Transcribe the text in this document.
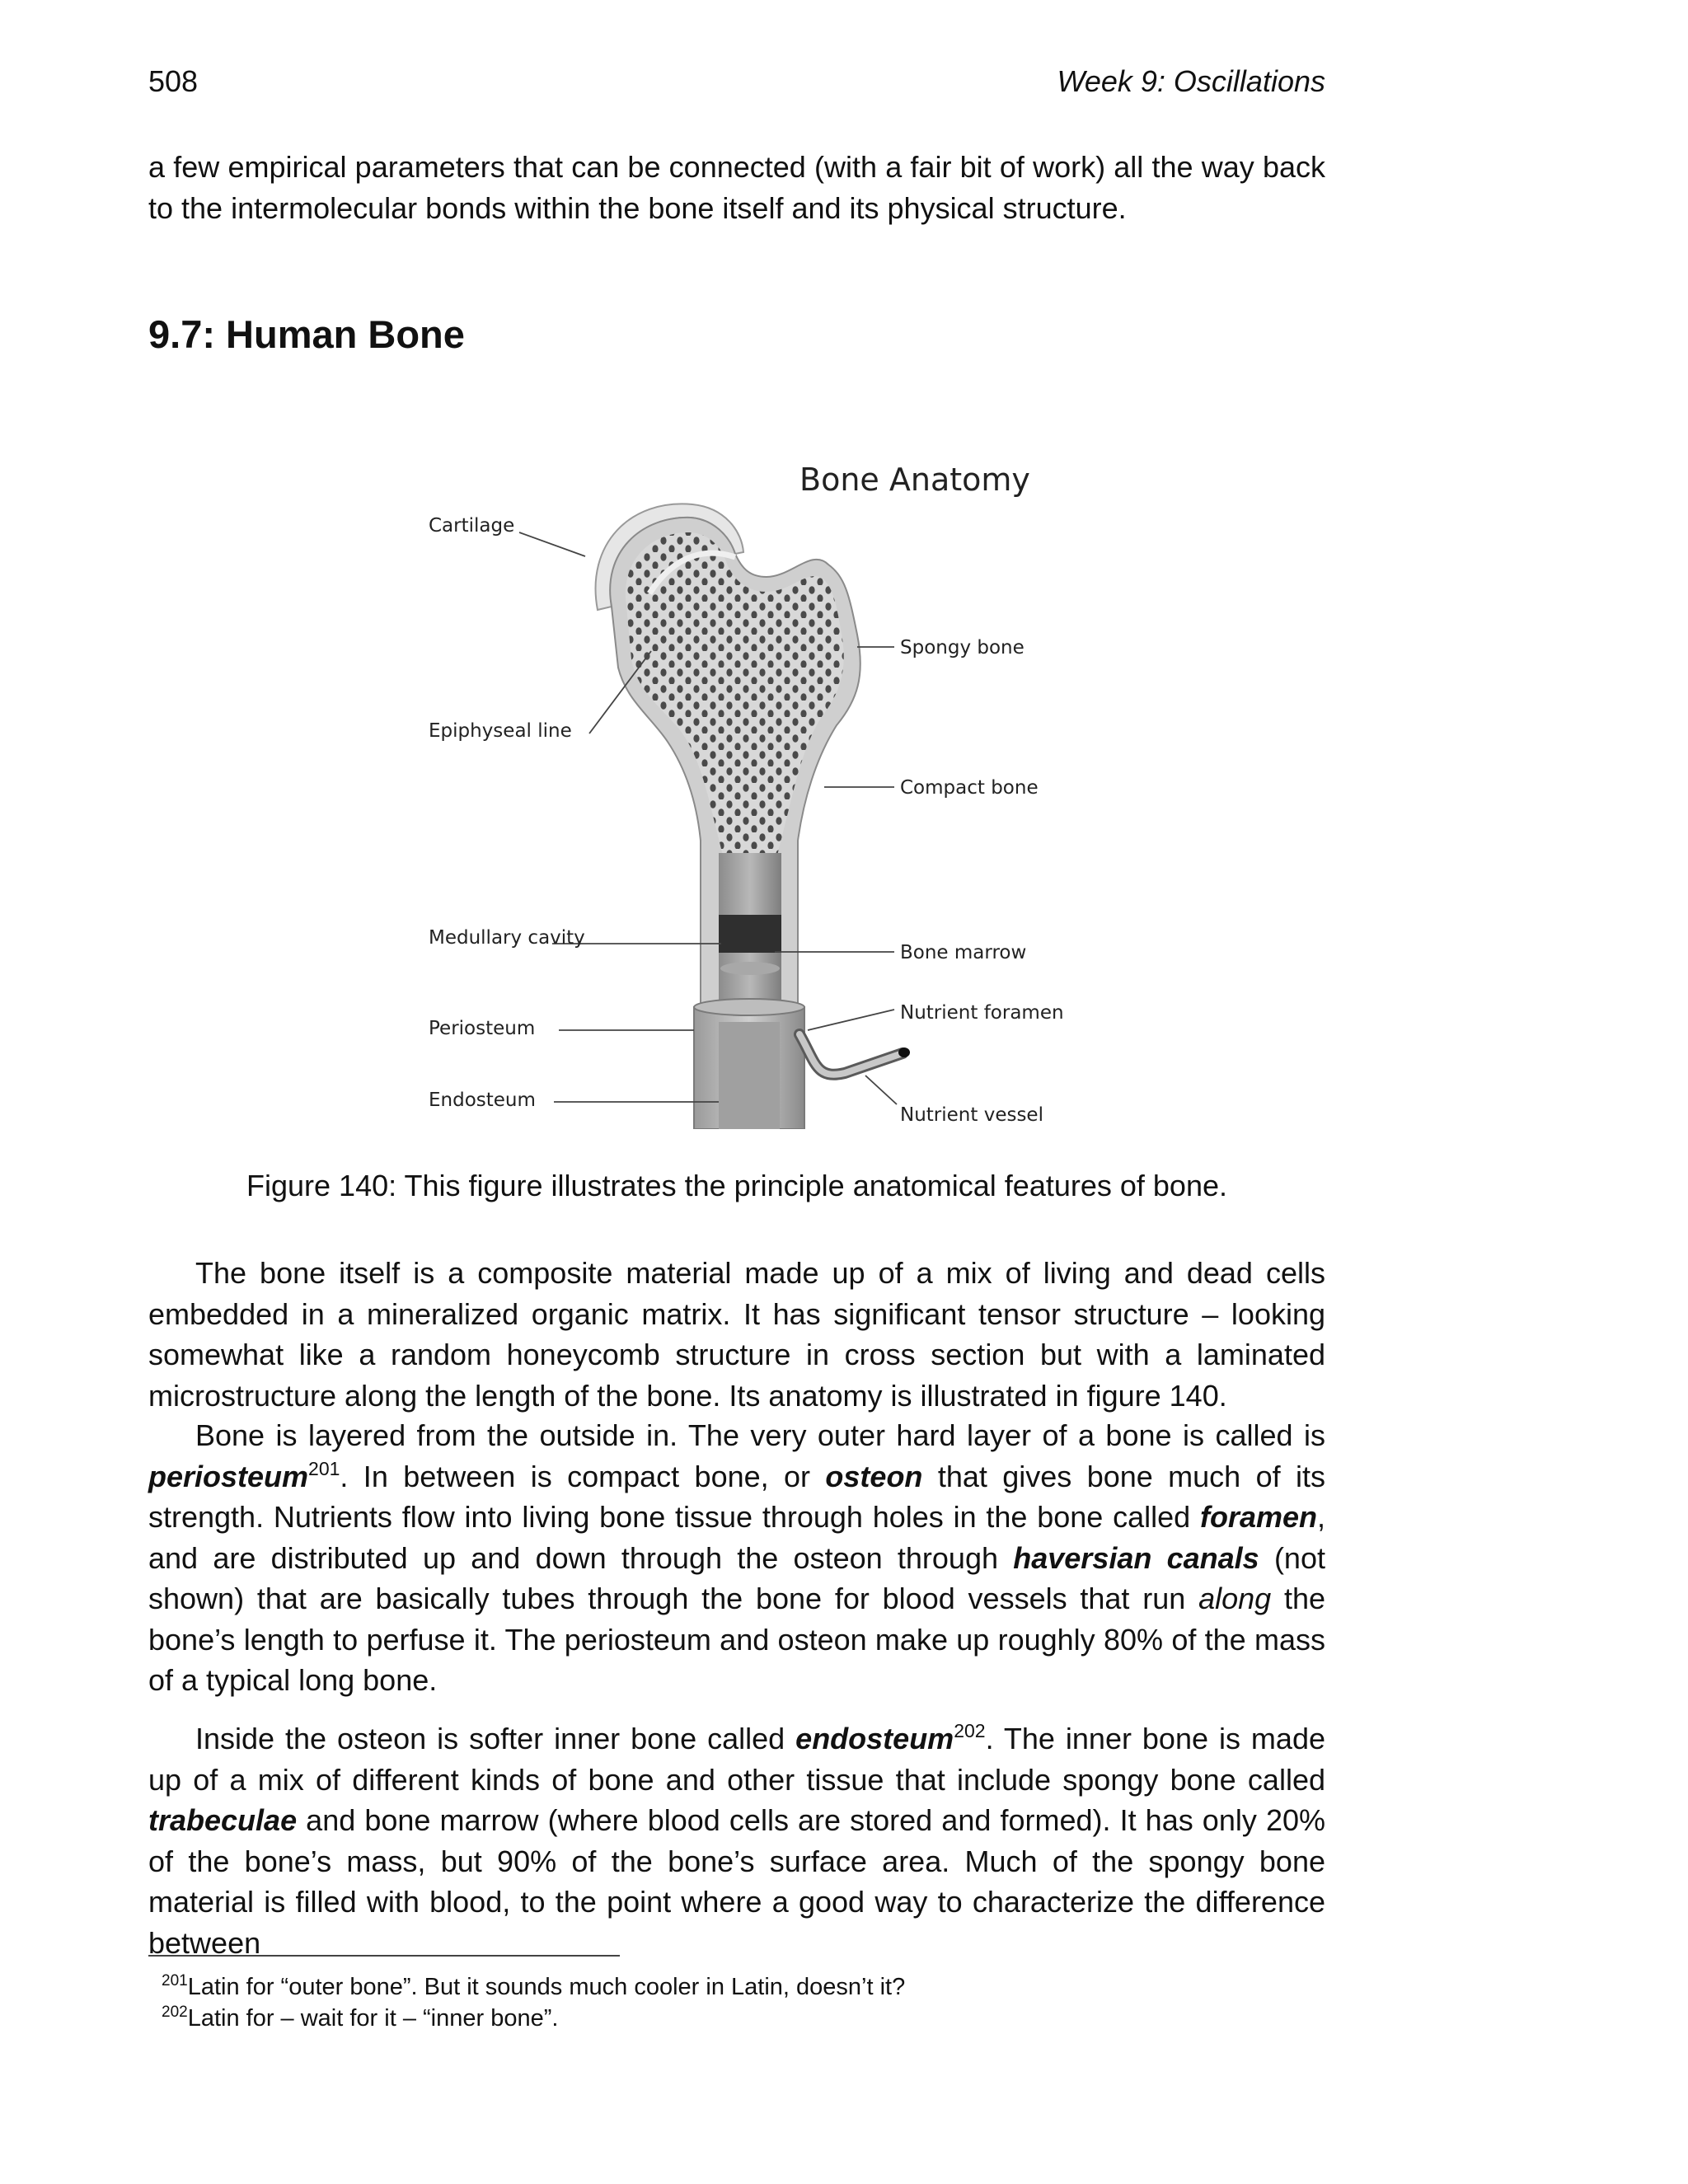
508	Week 9: Oscillations
a few empirical parameters that can be connected (with a fair bit of work) all the way back to the intermolecular bonds within the bone itself and its physical structure.
9.7: Human Bone
Bone Anatomy
Cartilage
Epiphyseal line
Medullary cavity
Periosteum
Endosteum
Spongy bone
Compact bone
Bone marrow
Nutrient foramen
Nutrient vessel
Figure 140: This figure illustrates the principle anatomical features of bone.
The bone itself is a composite material made up of a mix of living and dead cells embedded in a mineralized organic matrix. It has significant tensor structure – looking somewhat like a random honeycomb structure in cross section but with a laminated microstructure along the length of the bone. Its anatomy is illustrated in figure 140.
Bone is layered from the outside in. The very outer hard layer of a bone is called is periosteum$^{201}$. In between is compact bone, or osteon that gives bone much of its strength. Nutrients flow into living bone tissue through holes in the bone called foramen, and are distributed up and down through the osteon through haversian canals (not shown) that are basically tubes through the bone for blood vessels that run along the bone’s length to perfuse it. The periosteum and osteon make up roughly 80% of the mass of a typical long bone.
Inside the osteon is softer inner bone called endosteum$^{202}$. The inner bone is made up of a mix of different kinds of bone and other tissue that include spongy bone called trabeculae and bone marrow (where blood cells are stored and formed). It has only 20% of the bone’s mass, but 90% of the bone’s surface area. Much of the spongy bone material is filled with blood, to the point where a good way to characterize the difference between
$^{201}$Latin for “outer bone”. But it sounds much cooler in Latin, doesn’t it?
$^{202}$Latin for – wait for it – “inner bone”.
